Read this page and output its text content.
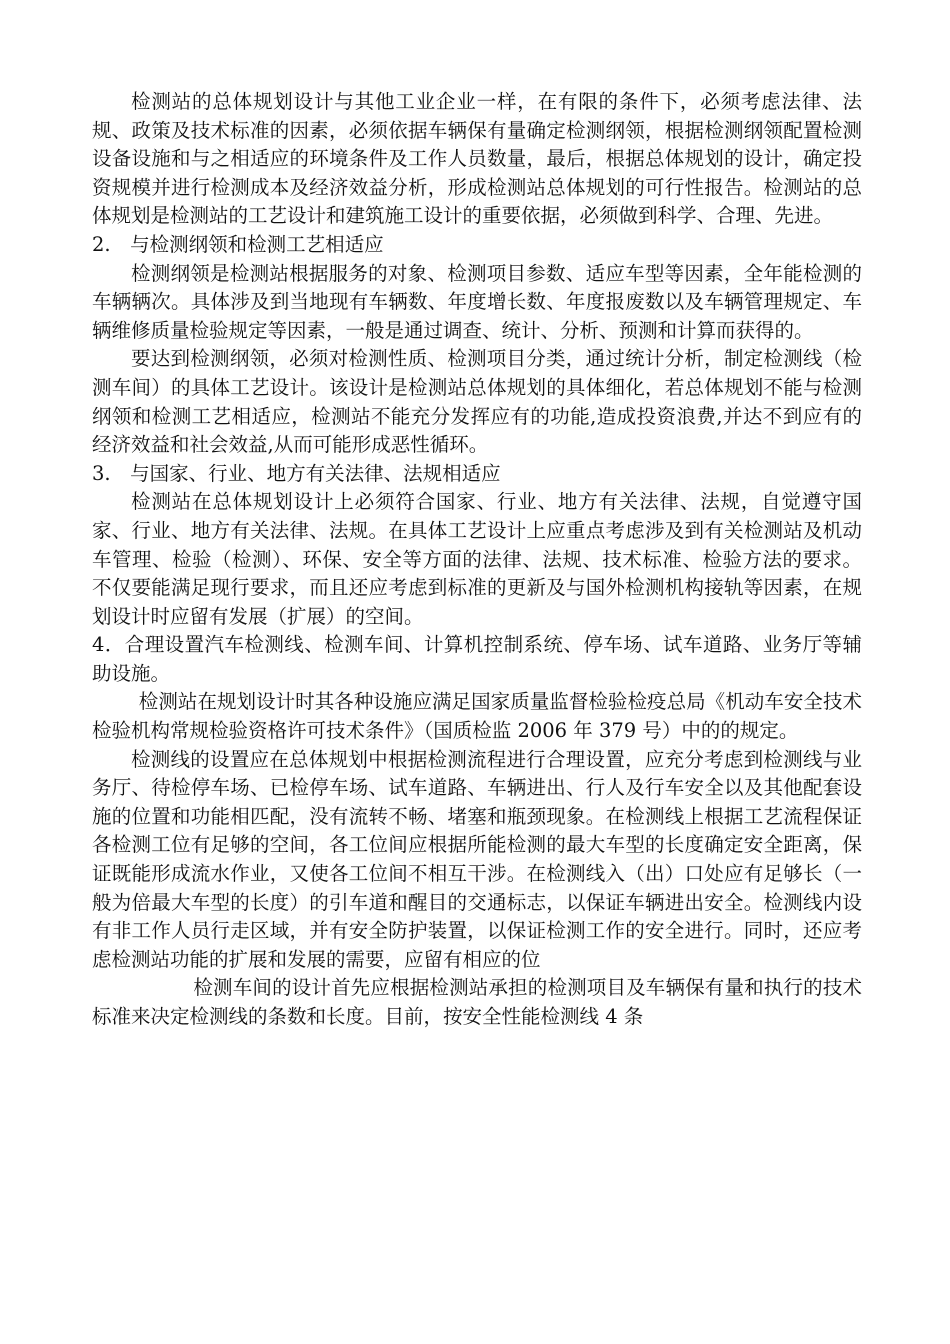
检测站的总体规划设计与其他工业企业一样，在有限的条件下，必须考虑法律、法规、政策及技术标准的因素，必须依据车辆保有量确定检测纲领，根据检测纲领配置检测设备设施和与之相适应的环境条件及工作人员数量，最后，根据总体规划的设计，确定投资规模并进行检测成本及经济效益分析，形成检测站总体规划的可行性报告。检测站的总体规划是检测站的工艺设计和建筑施工设计的重要依据，必须做到科学、合理、先进。

2.　与检测纲领和检测工艺相适应

检测纲领是检测站根据服务的对象、检测项目参数、适应车型等因素，全年能检测的车辆辆次。具体涉及到当地现有车辆数、年度增长数、年度报废数以及车辆管理规定、车辆维修质量检验规定等因素，一般是通过调查、统计、分析、预测和计算而获得的。

要达到检测纲领，必须对检测性质、检测项目分类，通过统计分析，制定检测线（检测车间）的具体工艺设计。该设计是检测站总体规划的具体细化，若总体规划不能与检测纲领和检测工艺相适应，检测站不能充分发挥应有的功能,造成投资浪费,并达不到应有的经济效益和社会效益,从而可能形成恶性循环。

3.　与国家、行业、地方有关法律、法规相适应

检测站在总体规划设计上必须符合国家、行业、地方有关法律、法规，自觉遵守国家、行业、地方有关法律、法规。在具体工艺设计上应重点考虑涉及到有关检测站及机动车管理、检验（检测）、环保、安全等方面的法律、法规、技术标准、检验方法的要求。不仅要能满足现行要求，而且还应考虑到标准的更新及与国外检测机构接轨等因素，在规划设计时应留有发展（扩展）的空间。

4．合理设置汽车检测线、检测车间、计算机控制系统、停车场、试车道路、业务厅等辅助设施。

检测站在规划设计时其各种设施应满足国家质量监督检验检疫总局《机动车安全技术检验机构常规检验资格许可技术条件》（国质检监 2006 年 379 号）中的的规定。

检测线的设置应在总体规划中根据检测流程进行合理设置，应充分考虑到检测线与业务厅、待检停车场、已检停车场、试车道路、车辆进出、行人及行车安全以及其他配套设施的位置和功能相匹配，没有流转不畅、堵塞和瓶颈现象。在检测线上根据工艺流程保证各检测工位有足够的空间，各工位间应根据所能检测的最大车型的长度确定安全距离，保证既能形成流水作业，又使各工位间不相互干涉。在检测线入（出）口处应有足够长（一般为倍最大车型的长度）的引车道和醒目的交通标志，以保证车辆进出安全。检测线内设有非工作人员行走区域，并有安全防护装置，以保证检测工作的安全进行。同时，还应考虑检测站功能的扩展和发展的需要，应留有相应的位

检测车间的设计首先应根据检测站承担的检测项目及车辆保有量和执行的技术标准来决定检测线的条数和长度。目前，按安全性能检测线 4 条
